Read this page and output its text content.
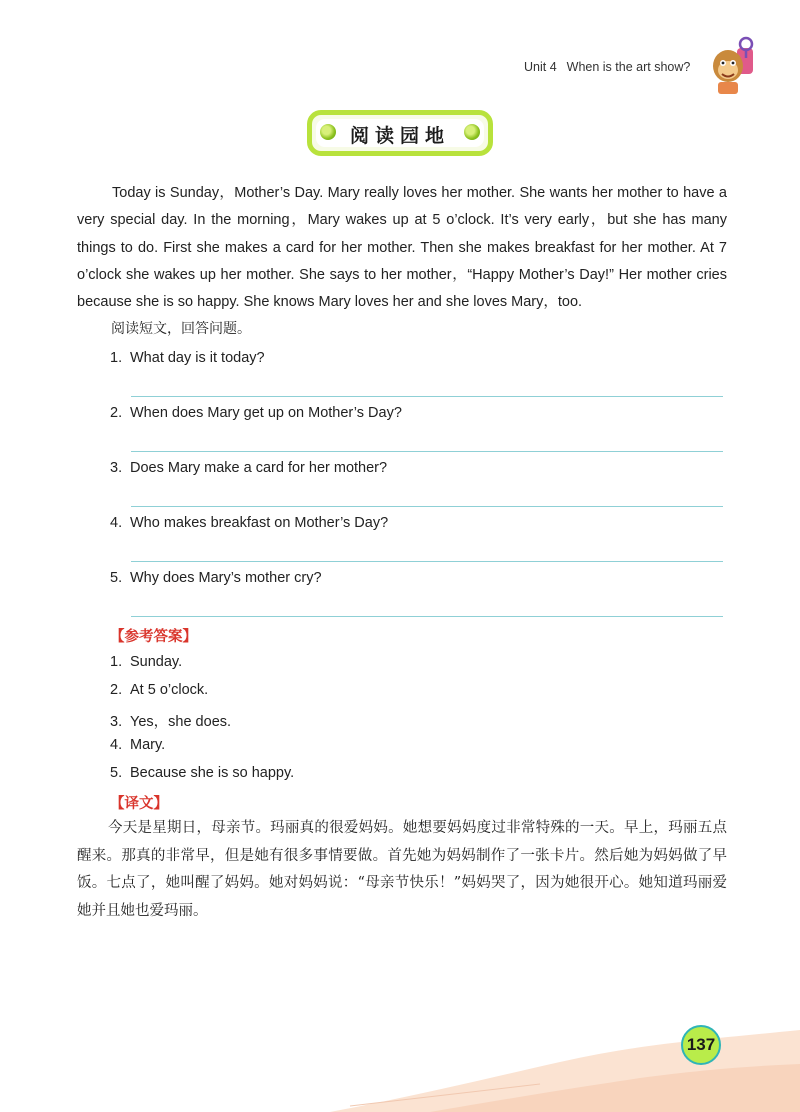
Unit 4 When is the art show?
阅读园地

Today is Sunday，Mother’s Day. Mary really loves her mother. She wants her mother to have a very special day. In the morning，Mary wakes up at 5 o’clock. It’s very early，but she has many things to do. First she makes a card for her mother. Then she makes breakfast for her mother. At 7 o’clock she wakes up her mother. She says to her mother，“Happy Mother’s Day!” Her mother cries because she is so happy. She knows Mary loves her and she loves Mary，too.

阅读短文，回答问题。
1. What day is it today?
2. When does Mary get up on Mother’s Day?
3. Does Mary make a card for her mother?
4. Who makes breakfast on Mother’s Day?
5. Why does Mary’s mother cry?
【参考答案】
1. Sunday.
2. At 5 o’clock.
3. Yes，she does.
4. Mary.
5. Because she is so happy.
【译文】

今天是星期日，母亲节。玛丽真的很爱妈妈。她想要妈妈度过非常特殊的一天。早上，玛丽五点醒来。那真的非常早，但是她有很多事情要做。首先她为妈妈制作了一张卡片。然后她为妈妈做了早饭。七点了，她叫醒了妈妈。她对妈妈说：“母亲节快乐！”妈妈哭了，因为她很开心。她知道玛丽爱她并且她也爱玛丽。

137
